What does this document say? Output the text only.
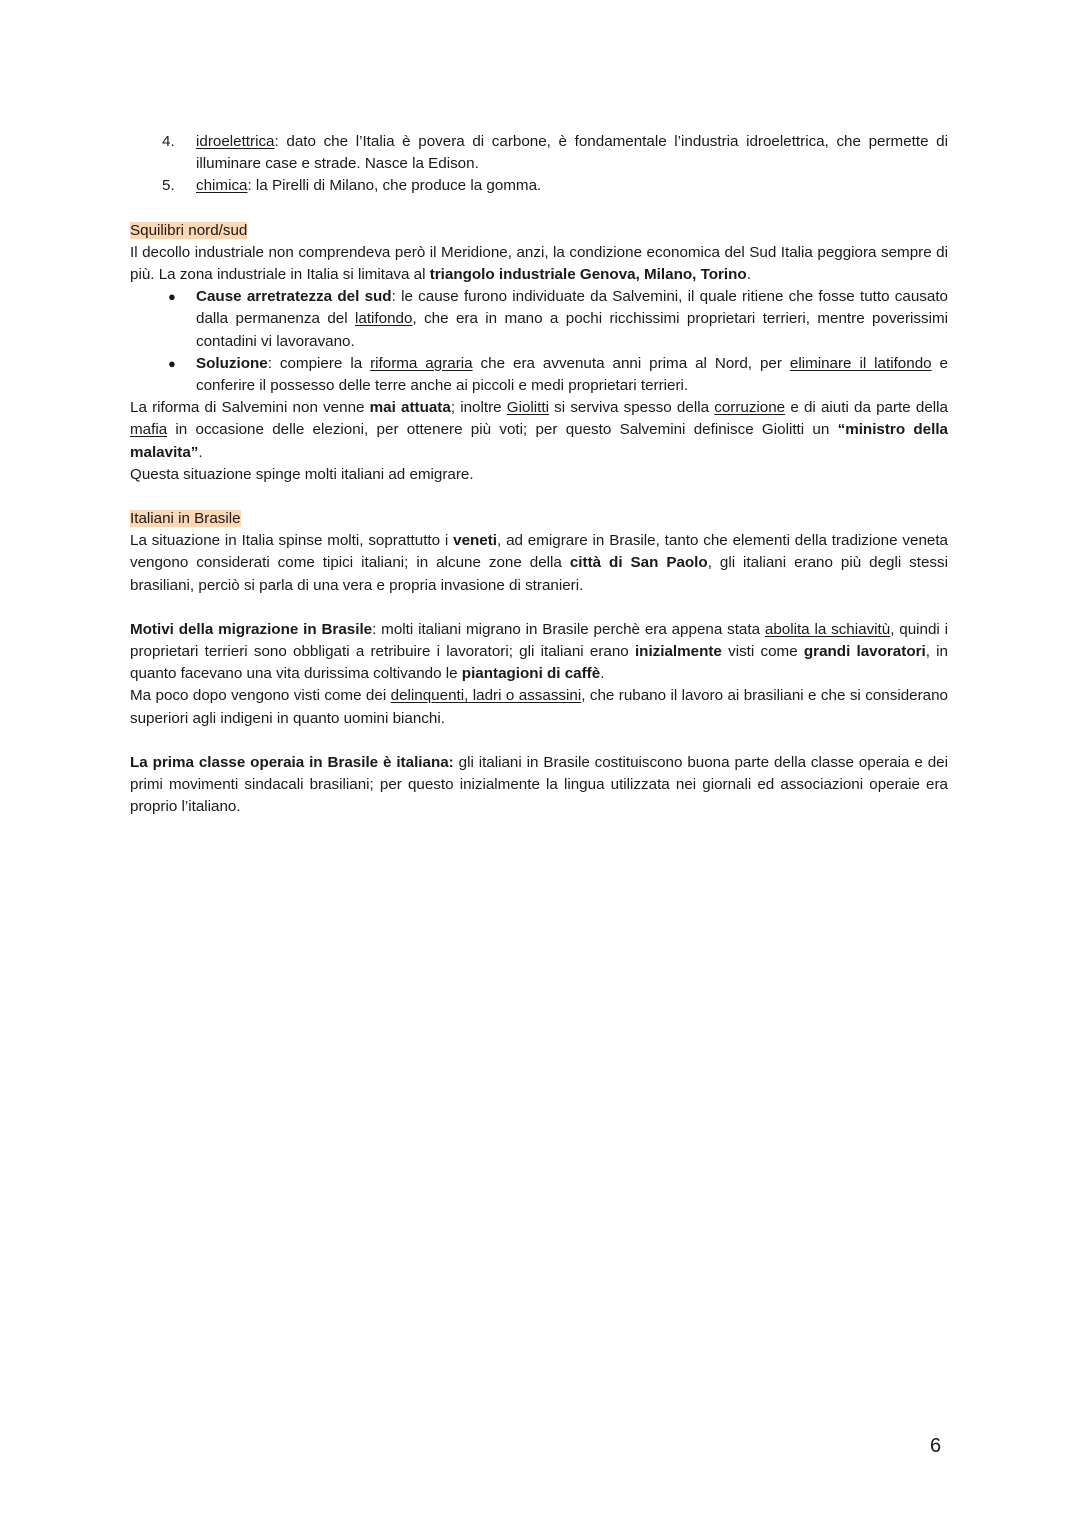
4. idroelettrica: dato che l’Italia è povera di carbone, è fondamentale l’industria idroelettrica, che permette di illuminare case e strade. Nasce la Edison.
5. chimica: la Pirelli di Milano, che produce la gomma.

Squilibri nord/sud

Il decollo industriale non comprendeva però il Meridione, anzi, la condizione economica del Sud Italia peggiora sempre di più. La zona industriale in Italia si limitava al triangolo industriale Genova, Milano, Torino.

● Cause arretratezza del sud: le cause furono individuate da Salvemini, il quale ritiene che fosse tutto causato dalla permanenza del latifondo, che era in mano a pochi ricchissimi proprietari terrieri, mentre poverissimi contadini vi lavoravano.
● Soluzione: compiere la riforma agraria che era avvenuta anni prima al Nord, per eliminare il latifondo e conferire il possesso delle terre anche ai piccoli e medi proprietari terrieri.

La riforma di Salvemini non venne mai attuata; inoltre Giolitti si serviva spesso della corruzione e di aiuti da parte della mafia in occasione delle elezioni, per ottenere più voti; per questo Salvemini definisce Giolitti un “ministro della malavita”.

Questa situazione spinge molti italiani ad emigrare.

Italiani in Brasile

La situazione in Italia spinse molti, soprattutto i veneti, ad emigrare in Brasile, tanto che elementi della tradizione veneta vengono considerati come tipici italiani; in alcune zone della città di San Paolo, gli italiani erano più degli stessi brasiliani, perciò si parla di una vera e propria invasione di stranieri.

Motivi della migrazione in Brasile: molti italiani migrano in Brasile perchè era appena stata abolita la schiavitù, quindi i proprietari terrieri sono obbligati a retribuire i lavoratori; gli italiani erano inizialmente visti come grandi lavoratori, in quanto facevano una vita durissima coltivando le piantagioni di caffè.

Ma poco dopo vengono visti come dei delinquenti, ladri o assassini, che rubano il lavoro ai brasiliani e che si considerano superiori agli indigeni in quanto uomini bianchi.

La prima classe operaia in Brasile è italiana: gli italiani in Brasile costituiscono buona parte della classe operaia e dei primi movimenti sindacali brasiliani; per questo inizialmente la lingua utilizzata nei giornali ed associazioni operaie era proprio l’italiano.

6
